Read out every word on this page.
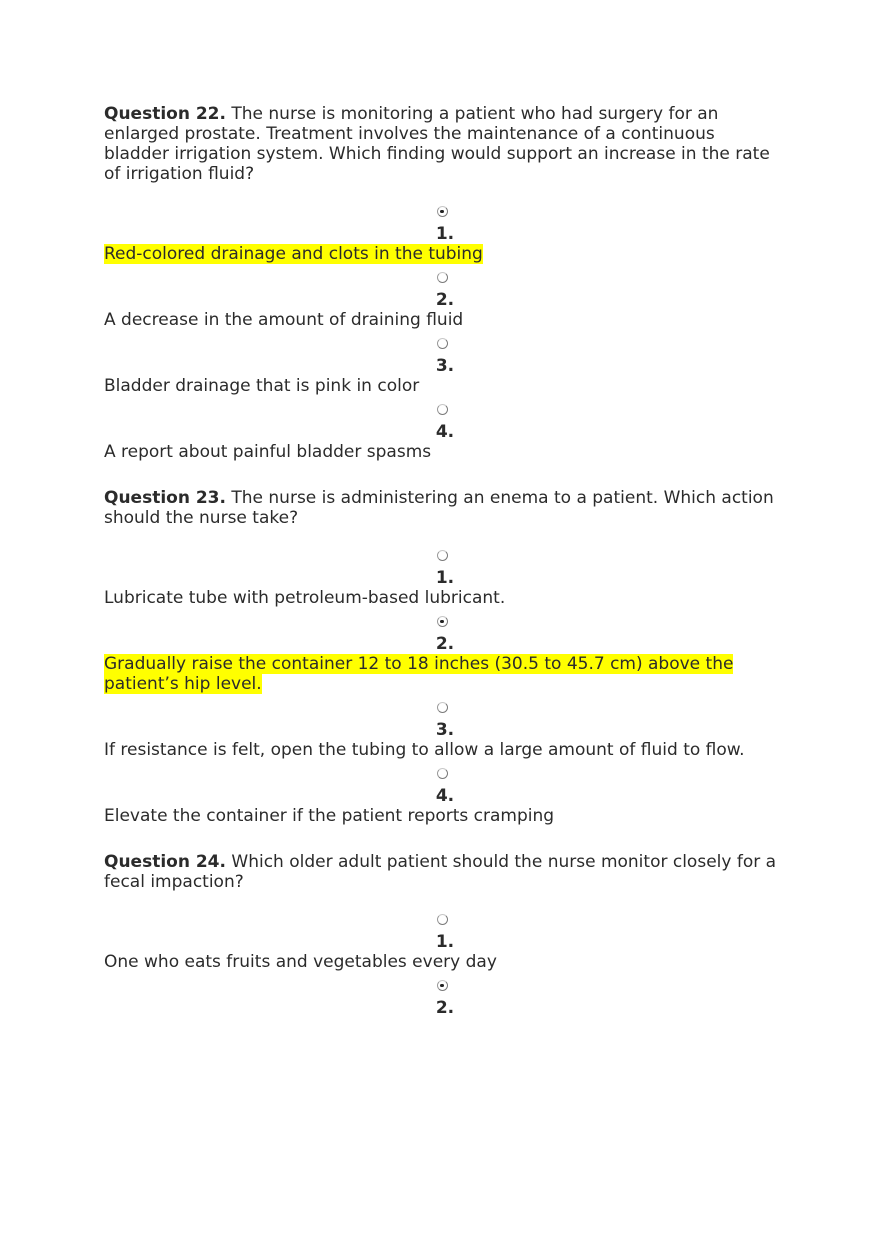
Question 22. The nurse is monitoring a patient who had surgery for an enlarged prostate. Treatment involves the maintenance of a continuous bladder irrigation system. Which finding would support an increase in the rate of irrigation fluid?

1.
Red-colored drainage and clots in the tubing
2.
A decrease in the amount of draining fluid
3.
Bladder drainage that is pink in color
4.
A report about painful bladder spasms

Question 23. The nurse is administering an enema to a patient. Which action should the nurse take?

1.
Lubricate tube with petroleum-based lubricant.
2.
Gradually raise the container 12 to 18 inches (30.5 to 45.7 cm) above the patient’s hip level.
3.
If resistance is felt, open the tubing to allow a large amount of fluid to flow.
4.
Elevate the container if the patient reports cramping

Question 24. Which older adult patient should the nurse monitor closely for a fecal impaction?

1.
One who eats fruits and vegetables every day
2.
